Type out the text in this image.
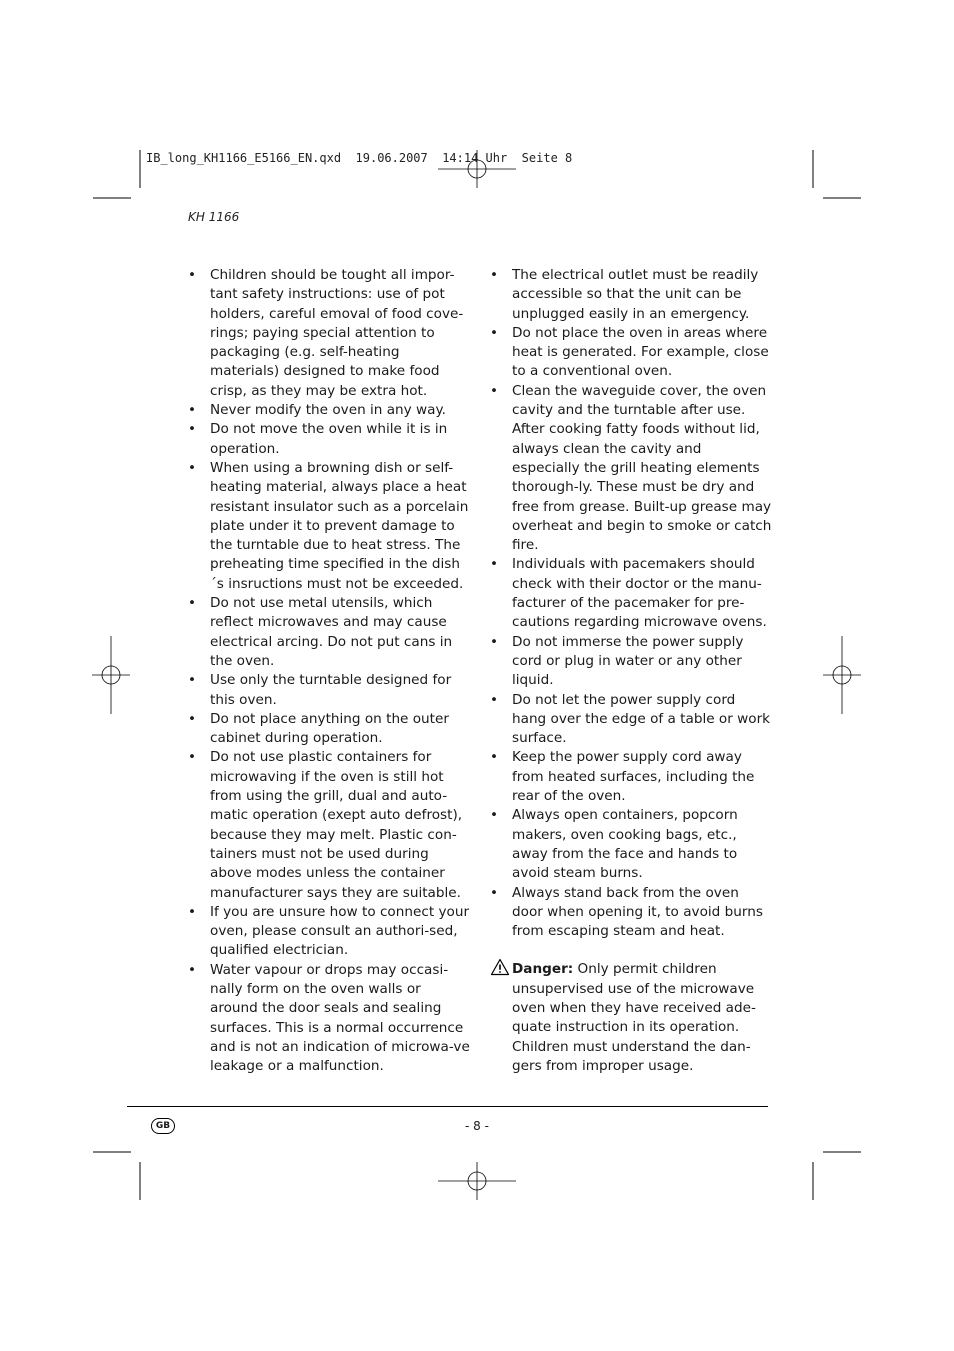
IB_long_KH1166_E5166_EN.qxd  19.06.2007  14:14 Uhr  Seite 8
KH 1166
• Children should be tought all impor-tant safety instructions: use of pot holders, careful emoval of food cove-rings; paying special attention to packaging (e.g. self-heating materials) designed to make food crisp, as they may be extra hot.
• Never modify the oven in any way.
• Do not move the oven while it is in operation.
• When using a browning dish or self-heating material, always place a heat resistant insulator such as a porcelain plate under it to prevent damage to the turntable due to heat stress. The preheating time specified in the dish´s insructions must not be exceeded.
• Do not use metal utensils, which reflect microwaves and may cause electrical arcing. Do not put cans in the oven.
• Use only the turntable designed for this oven.
• Do not place anything on the outer cabinet during operation.
• Do not use plastic containers for microwaving if the oven is still hot from using the grill, dual and auto-matic operation (exept auto defrost), because they may melt. Plastic con-tainers must not be used during above modes unless the container manufacturer says they are suitable.
• If you are unsure how to connect your oven, please consult an authori-sed, qualified electrician.
• Water vapour or drops may occasi-nally form on the oven walls or around the door seals and sealing surfaces. This is a normal occurrence and is not an indication of microwa-ve leakage or a malfunction.
• The electrical outlet must be readily accessible so that the unit can be unplugged easily in an emergency.
• Do not place the oven in areas where heat is generated. For example, close to a conventional oven.
• Clean the waveguide cover, the oven cavity and the turntable after use. After cooking fatty foods without lid, always clean the cavity and especially the grill heating elements thorough-ly. These must be dry and free from grease. Built-up grease may overheat and begin to smoke or catch fire.
• Individuals with pacemakers should check with their doctor or the manu-facturer of the pacemaker for pre-cautions regarding microwave ovens.
• Do not immerse the power supply cord or plug in water or any other liquid.
• Do not let the power supply cord hang over the edge of a table or work surface.
• Keep the power supply cord away from heated surfaces, including the rear of the oven.
• Always open containers, popcorn makers, oven cooking bags, etc., away from the face and hands to avoid steam burns.
• Always stand back from the oven door when opening it, to avoid burns from escaping steam and heat.
Danger: Only permit children unsupervised use of the microwave oven when they have received ade-quate instruction in its operation. Children must understand the dan-gers from improper usage.
GB	- 8 -
